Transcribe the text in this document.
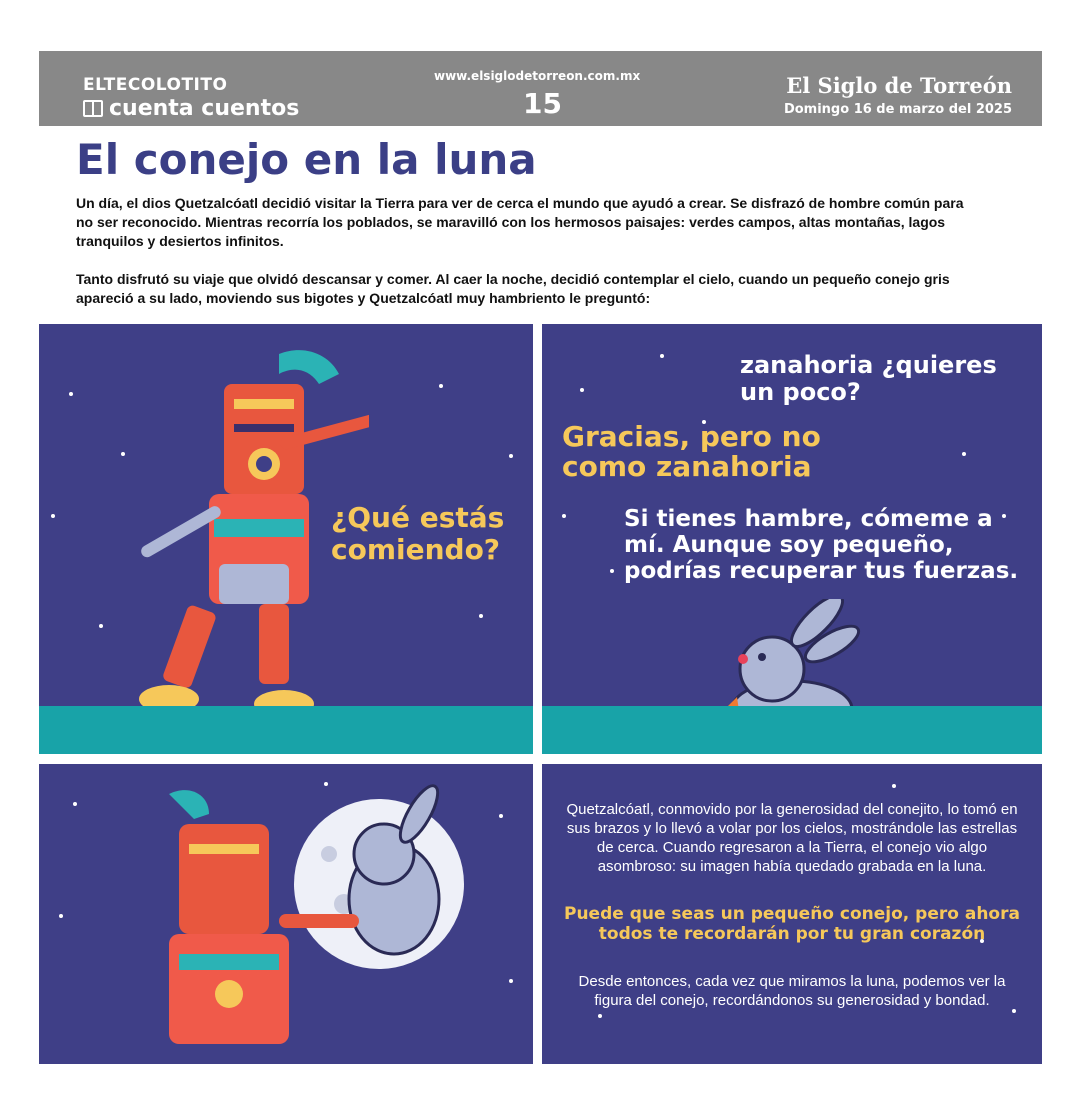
ELTECOLOTITO
cuenta cuentos
www.elsiglodetorreon.com.mx
15
El Siglo de Torreón
Domingo 16 de marzo del 2025
El conejo en la luna

Un día, el dios Quetzalcóatl decidió visitar la Tierra para ver de cerca el mundo que ayudó a crear. Se disfrazó de hombre común para no ser reconocido. Mientras recorría los poblados, se maravilló con los hermosos paisajes: verdes campos, altas montañas, lagos tranquilos y desiertos infinitos.

Tanto disfrutó su viaje que olvidó descansar y comer. Al caer la noche, decidió contemplar el cielo, cuando un pequeño conejo gris apareció a su lado, moviendo sus bigotes y Quetzalcóatl muy hambriento le preguntó:

¿Qué estás comiendo?
zanahoria ¿quieres un poco?
Gracias, pero no como zanahoria
Si tienes hambre, cómeme a mí. Aunque soy pequeño, podrías recuperar tus fuerzas.

Quetzalcóatl, conmovido por la generosidad del conejito, lo tomó en sus brazos y lo llevó a volar por los cielos, mostrándole las estrellas de cerca. Cuando regresaron a la Tierra, el conejo vio algo asombroso: su imagen había quedado grabada en la luna.

Puede que seas un pequeño conejo, pero ahora todos te recordarán por tu gran corazón

Desde entonces, cada vez que miramos la luna, podemos ver la figura del conejo, recordándonos su generosidad y bondad.
